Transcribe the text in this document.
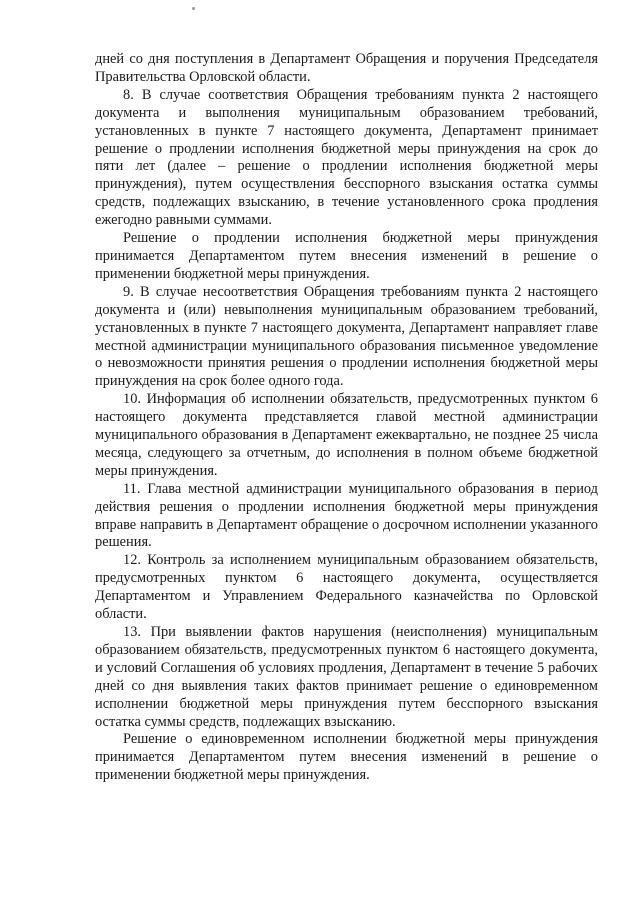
дней со дня поступления в Департамент Обращения и поручения Председателя Правительства Орловской области.

8. В случае соответствия Обращения требованиям пункта 2 настоящего документа и выполнения муниципальным образованием требований, установленных в пункте 7 настоящего документа, Департамент принимает решение о продлении исполнения бюджетной меры принуждения на срок до пяти лет (далее – решение о продлении исполнения бюджетной меры принуждения), путем осуществления бесспорного взыскания остатка суммы средств, подлежащих взысканию, в течение установленного срока продления ежегодно равными суммами.

Решение о продлении исполнения бюджетной меры принуждения принимается Департаментом путем внесения изменений в решение о применении бюджетной меры принуждения.

9. В случае несоответствия Обращения требованиям пункта 2 настоящего документа и (или) невыполнения муниципальным образованием требований, установленных в пункте 7 настоящего документа, Департамент направляет главе местной администрации муниципального образования письменное уведомление о невозможности принятия решения о продлении исполнения бюджетной меры принуждения на срок более одного года.

10. Информация об исполнении обязательств, предусмотренных пунктом 6 настоящего документа представляется главой местной администрации муниципального образования в Департамент ежеквартально, не позднее 25 числа месяца, следующего за отчетным, до исполнения в полном объеме бюджетной меры принуждения.

11. Глава местной администрации муниципального образования в период действия решения о продлении исполнения бюджетной меры принуждения вправе направить в Департамент обращение о досрочном исполнении указанного решения.

12. Контроль за исполнением муниципальным образованием обязательств, предусмотренных пунктом 6 настоящего документа, осуществляется Департаментом и Управлением Федерального казначейства по Орловской области.

13. При выявлении фактов нарушения (неисполнения) муниципальным образованием обязательств, предусмотренных пунктом 6 настоящего документа, и условий Соглашения об условиях продления, Департамент в течение 5 рабочих дней со дня выявления таких фактов принимает решение о единовременном исполнении бюджетной меры принуждения путем бесспорного взыскания остатка суммы средств, подлежащих взысканию.

Решение о единовременном исполнении бюджетной меры принуждения принимается Департаментом путем внесения изменений в решение о применении бюджетной меры принуждения.
